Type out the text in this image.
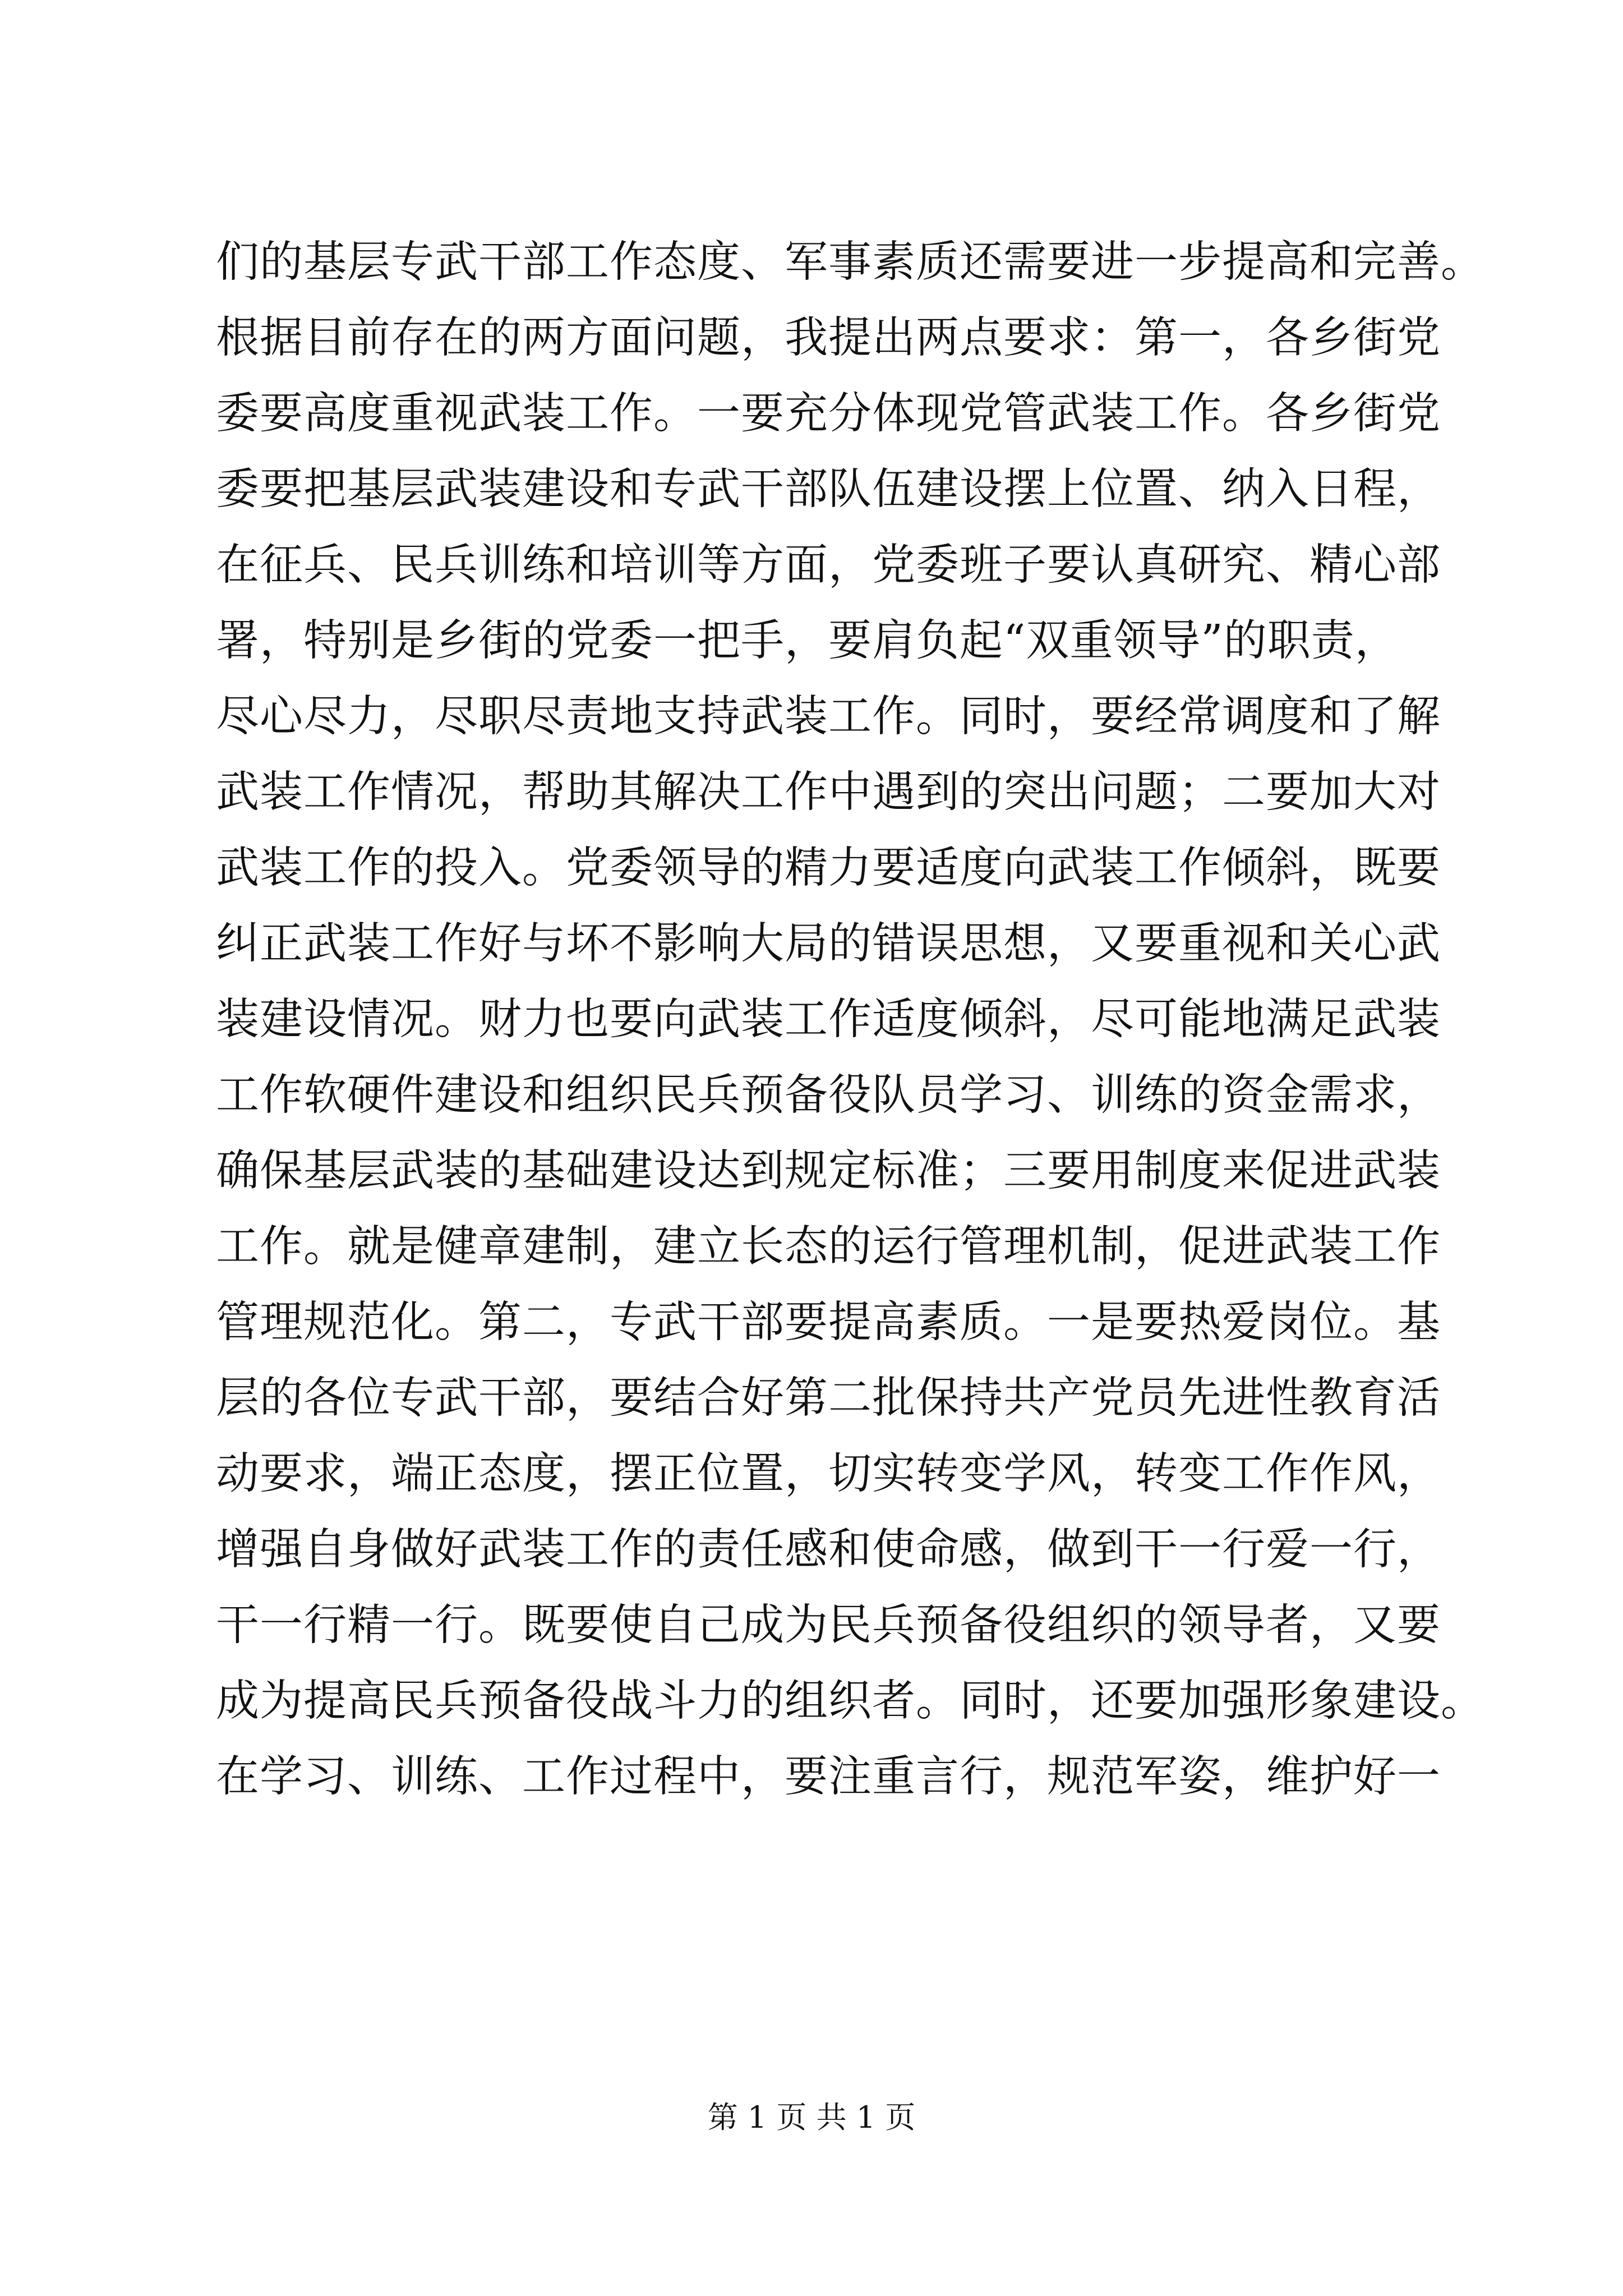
们的基层专武干部工作态度、军事素质还需要进一步提高和完善。
根据目前存在的两方面问题，我提出两点要求：第一，各乡街党
委要高度重视武装工作。一要充分体现党管武装工作。各乡街党
委要把基层武装建设和专武干部队伍建设摆上位置、纳入日程，
在征兵、民兵训练和培训等方面，党委班子要认真研究、精心部
署，特别是乡街的党委一把手，要肩负起“双重领导”的职责，
尽心尽力，尽职尽责地支持武装工作。同时，要经常调度和了解
武装工作情况，帮助其解决工作中遇到的突出问题；二要加大对
武装工作的投入。党委领导的精力要适度向武装工作倾斜，既要
纠正武装工作好与坏不影响大局的错误思想，又要重视和关心武
装建设情况。财力也要向武装工作适度倾斜，尽可能地满足武装
工作软硬件建设和组织民兵预备役队员学习、训练的资金需求，
确保基层武装的基础建设达到规定标准；三要用制度来促进武装
工作。就是健章建制，建立长态的运行管理机制，促进武装工作
管理规范化。第二，专武干部要提高素质。一是要热爱岗位。基
层的各位专武干部，要结合好第二批保持共产党员先进性教育活
动要求，端正态度，摆正位置，切实转变学风，转变工作作风，
增强自身做好武装工作的责任感和使命感，做到干一行爱一行，
干一行精一行。既要使自己成为民兵预备役组织的领导者，又要
成为提高民兵预备役战斗力的组织者。同时，还要加强形象建设。
在学习、训练、工作过程中，要注重言行，规范军姿，维护好一
第 1 页 共 1 页
